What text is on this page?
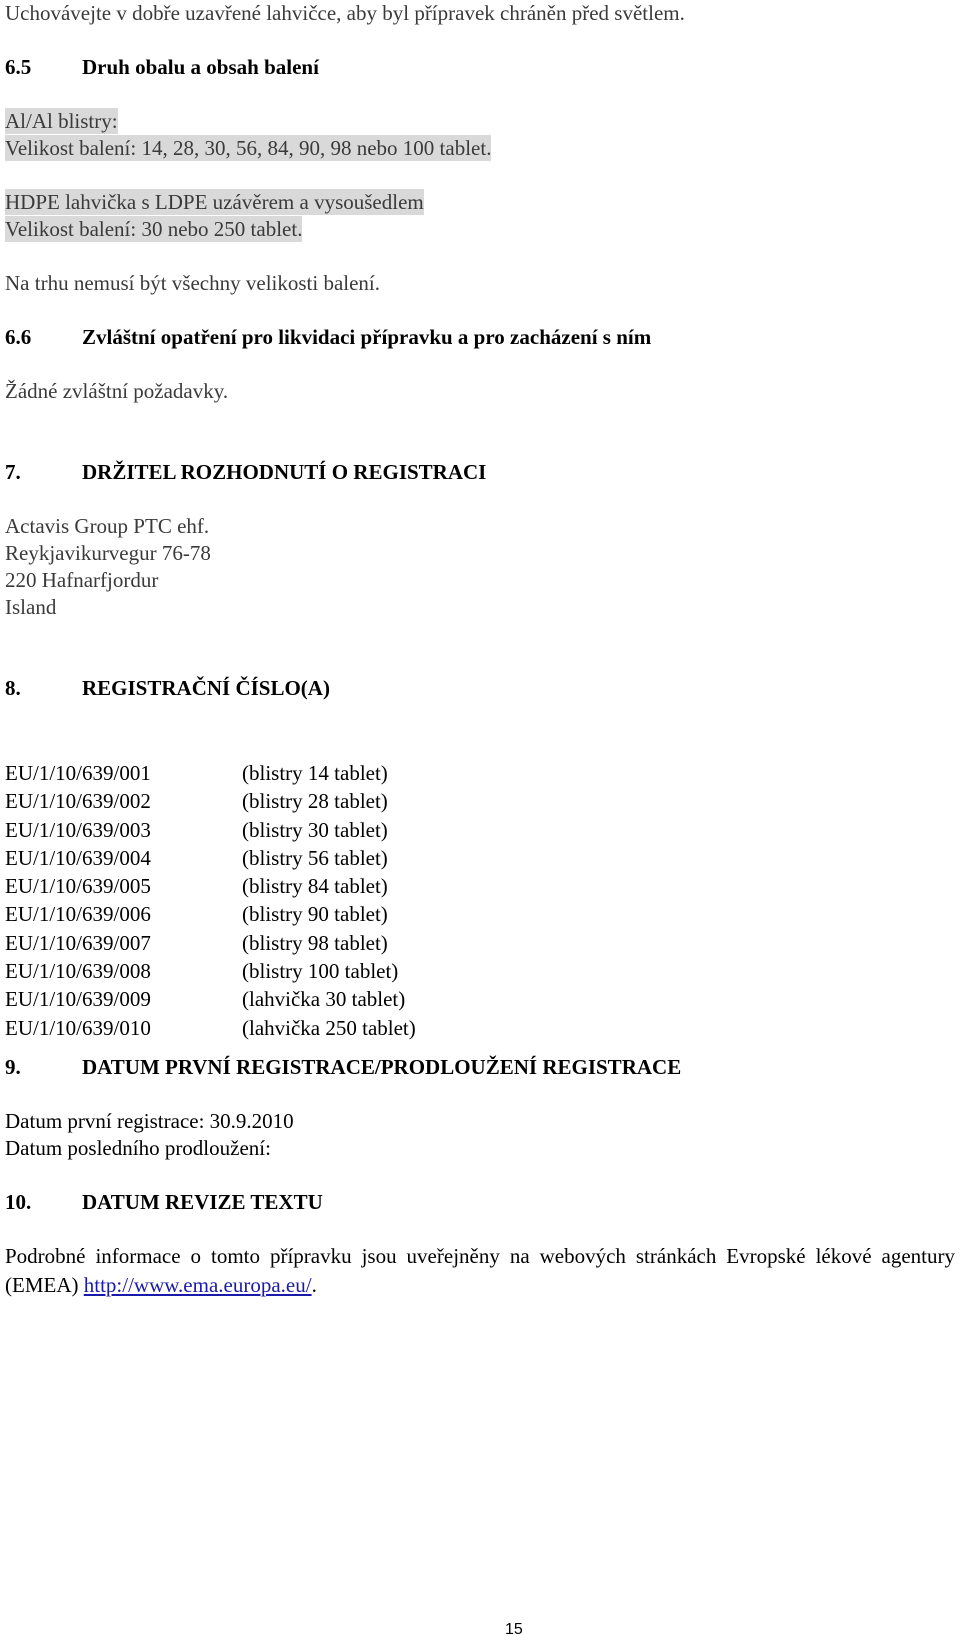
Uchovávejte v dobře uzavřené lahvičce, aby byl přípravek chráněn před světlem.
6.5 Druh obalu a obsah balení
Al/Al blistry:
Velikost balení: 14, 28, 30, 56, 84, 90, 98 nebo 100 tablet.
HDPE lahvička s LDPE uzávěrem a vysoušedlem
Velikost balení: 30 nebo 250 tablet.
Na trhu nemusí být všechny velikosti balení.
6.6 Zvláštní opatření pro likvidaci přípravku a pro zacházení s ním
Žádné zvláštní požadavky.
7.	DRŽITEL ROZHODNUTÍ O REGISTRACI
Actavis Group PTC ehf.
Reykjavikurvegur 76-78
220 Hafnarfjordur
Island
8.	REGISTRAČNÍ ČÍSLO(A)
EU/1/10/639/001	(blistry 14 tablet)
EU/1/10/639/002	(blistry 28 tablet)
EU/1/10/639/003	(blistry 30 tablet)
EU/1/10/639/004	(blistry 56 tablet)
EU/1/10/639/005	(blistry 84 tablet)
EU/1/10/639/006	(blistry 90 tablet)
EU/1/10/639/007	(blistry 98 tablet)
EU/1/10/639/008	(blistry 100 tablet)
EU/1/10/639/009	(lahvička 30 tablet)
EU/1/10/639/010	(lahvička 250 tablet)
9.	DATUM PRVNÍ REGISTRACE/PRODLOUŽENÍ REGISTRACE
Datum první registrace: 30.9.2010
Datum posledního prodloužení:
10. DATUM REVIZE TEXTU
Podrobné informace o tomto přípravku jsou uveřejněny na webových stránkách Evropské lékové agentury (EMEA) http://www.ema.europa.eu/.
15
